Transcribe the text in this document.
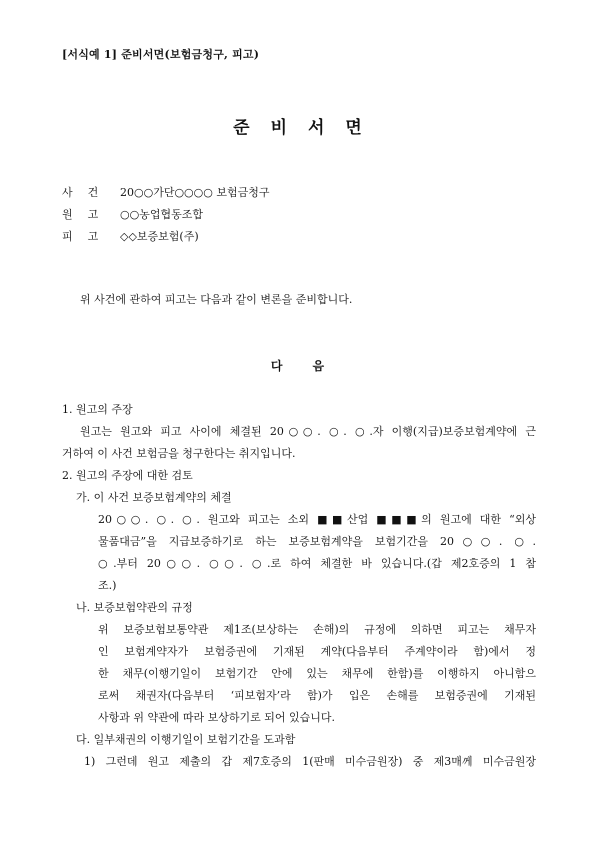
[서식예 1] 준비서면(보험금청구, 피고)
준비서면
사건 20○○가단○○○○ 보험금청구
원고 ○○농업협동조합
피고 ◇◇보증보험(주)
위 사건에 관하여 피고는 다음과 같이 변론을 준비합니다.
다음
1. 원고의 주장
원고는 원고와 피고 사이에 체결된 20○○. ○. ○.자 이행(지급)보증보험계약에 근
거하여 이 사건 보험금을 청구한다는 취지입니다.
2. 원고의 주장에 대한 검토
가. 이 사건 보증보험계약의 체결
20○○. ○. ○. 원고와 피고는 소외 ■■산업 ■■■의 원고에 대한 “외상
물품대금”을 지급보증하기로 하는 보증보험계약을 보험기간을 20○○. ○.
○.부터 20○○. ○○. ○.로 하여 체결한 바 있습니다.(갑 제2호증의 1 참
조.)
나. 보증보험약관의 규정
위 보증보험보통약관 제1조(보상하는 손해)의 규정에 의하면 피고는 채무자
인 보험계약자가 보험증권에 기재된 계약(다음부터 주계약이라 함)에서 정
한 채무(이행기일이 보험기간 안에 있는 채무에 한함)를 이행하지 아니함으
로써 채권자(다음부터 ‘피보험자’라 함)가 입은 손해를 보험증권에 기재된
사항과 위 약관에 따라 보상하기로 되어 있습니다.
다. 일부채권의 이행기일이 보험기간을 도과함
1) 그런데 원고 제출의 갑 제7호증의 1(판매 미수금원장) 중 제3매께 미수금원장
